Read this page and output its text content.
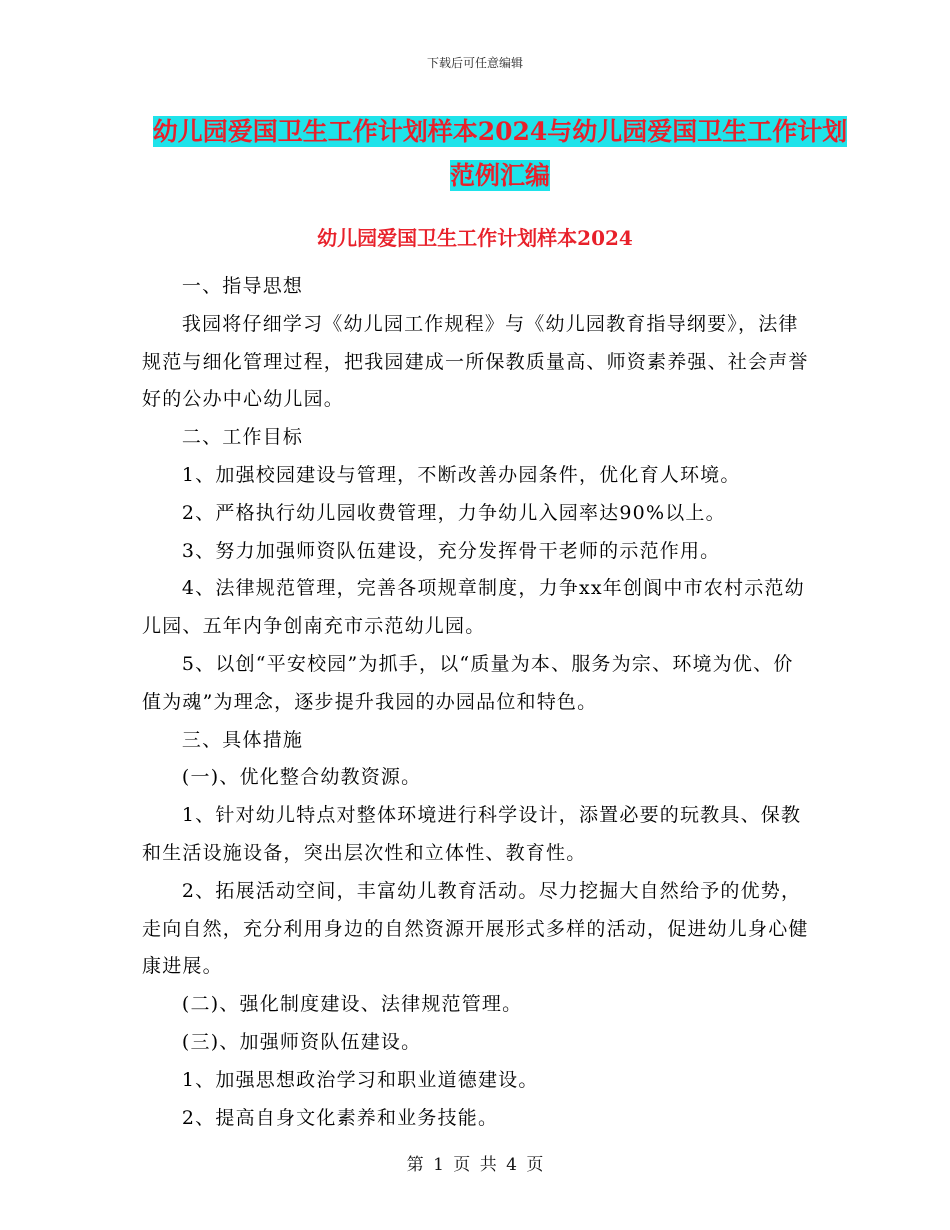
下载后可任意编辑
幼儿园爱国卫生工作计划样本2024与幼儿园爱国卫生工作计划范例汇编
幼儿园爱国卫生工作计划样本2024

一、指导思想

我园将仔细学习《幼儿园工作规程》与《幼儿园教育指导纲要》，法律规范与细化管理过程，把我园建成一所保教质量高、师资素养强、社会声誉好的公办中心幼儿园。

二、工作目标

1、加强校园建设与管理，不断改善办园条件，优化育人环境。

2、严格执行幼儿园收费管理，力争幼儿入园率达90%以上。

3、努力加强师资队伍建设，充分发挥骨干老师的示范作用。

4、法律规范管理，完善各项规章制度，力争xx年创阆中市农村示范幼儿园、五年内争创南充市示范幼儿园。

5、以创“平安校园”为抓手，以“质量为本、服务为宗、环境为优、价值为魂”为理念，逐步提升我园的办园品位和特色。

三、具体措施

(一)、优化整合幼教资源。

1、针对幼儿特点对整体环境进行科学设计，添置必要的玩教具、保教和生活设施设备，突出层次性和立体性、教育性。

2、拓展活动空间，丰富幼儿教育活动。尽力挖掘大自然给予的优势，走向自然，充分利用身边的自然资源开展形式多样的活动，促进幼儿身心健康进展。

(二)、强化制度建设、法律规范管理。

(三)、加强师资队伍建设。

1、加强思想政治学习和职业道德建设。

2、提高自身文化素养和业务技能。

第 1 页 共 4 页
